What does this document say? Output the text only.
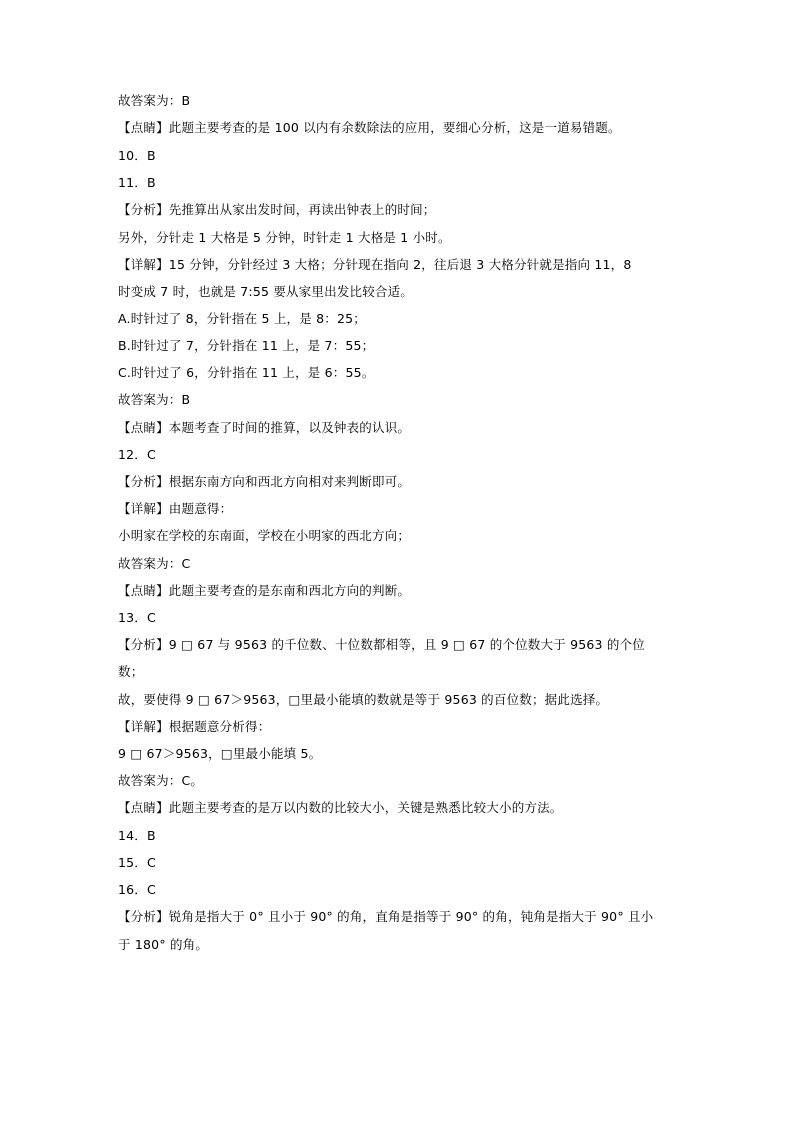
故答案为：B
【点睛】此题主要考查的是 100 以内有余数除法的应用，要细心分析，这是一道易错题。
10．B
11．B
【分析】先推算出从家出发时间，再读出钟表上的时间；
另外，分针走 1 大格是 5 分钟，时针走 1 大格是 1 小时。
【详解】15 分钟，分针经过 3 大格；分针现在指向 2，往后退 3 大格分针就是指向 11，8
时变成 7 时，也就是 7:55 要从家里出发比较合适。
A.时针过了 8，分针指在 5 上，是 8：25；
B.时针过了 7，分针指在 11 上，是 7：55；
C.时针过了 6，分针指在 11 上，是 6：55。
故答案为：B
【点睛】本题考查了时间的推算，以及钟表的认识。
12．C
【分析】根据东南方向和西北方向相对来判断即可。
【详解】由题意得：
小明家在学校的东南面，学校在小明家的西北方向；
故答案为：C
【点睛】此题主要考查的是东南和西北方向的判断。
13．C
【分析】9 □ 67 与 9563 的千位数、十位数都相等，且 9 □ 67 的个位数大于 9563 的个位
数；
故，要使得 9 □ 67＞9563，□里最小能填的数就是等于 9563 的百位数；据此选择。
【详解】根据题意分析得：
9 □ 67＞9563，□里最小能填 5。
故答案为：C。
【点睛】此题主要考查的是万以内数的比较大小，关键是熟悉比较大小的方法。
14．B
15．C
16．C
【分析】锐角是指大于 0° 且小于 90° 的角，直角是指等于 90° 的角，钝角是指大于 90° 且小
于 180° 的角。
